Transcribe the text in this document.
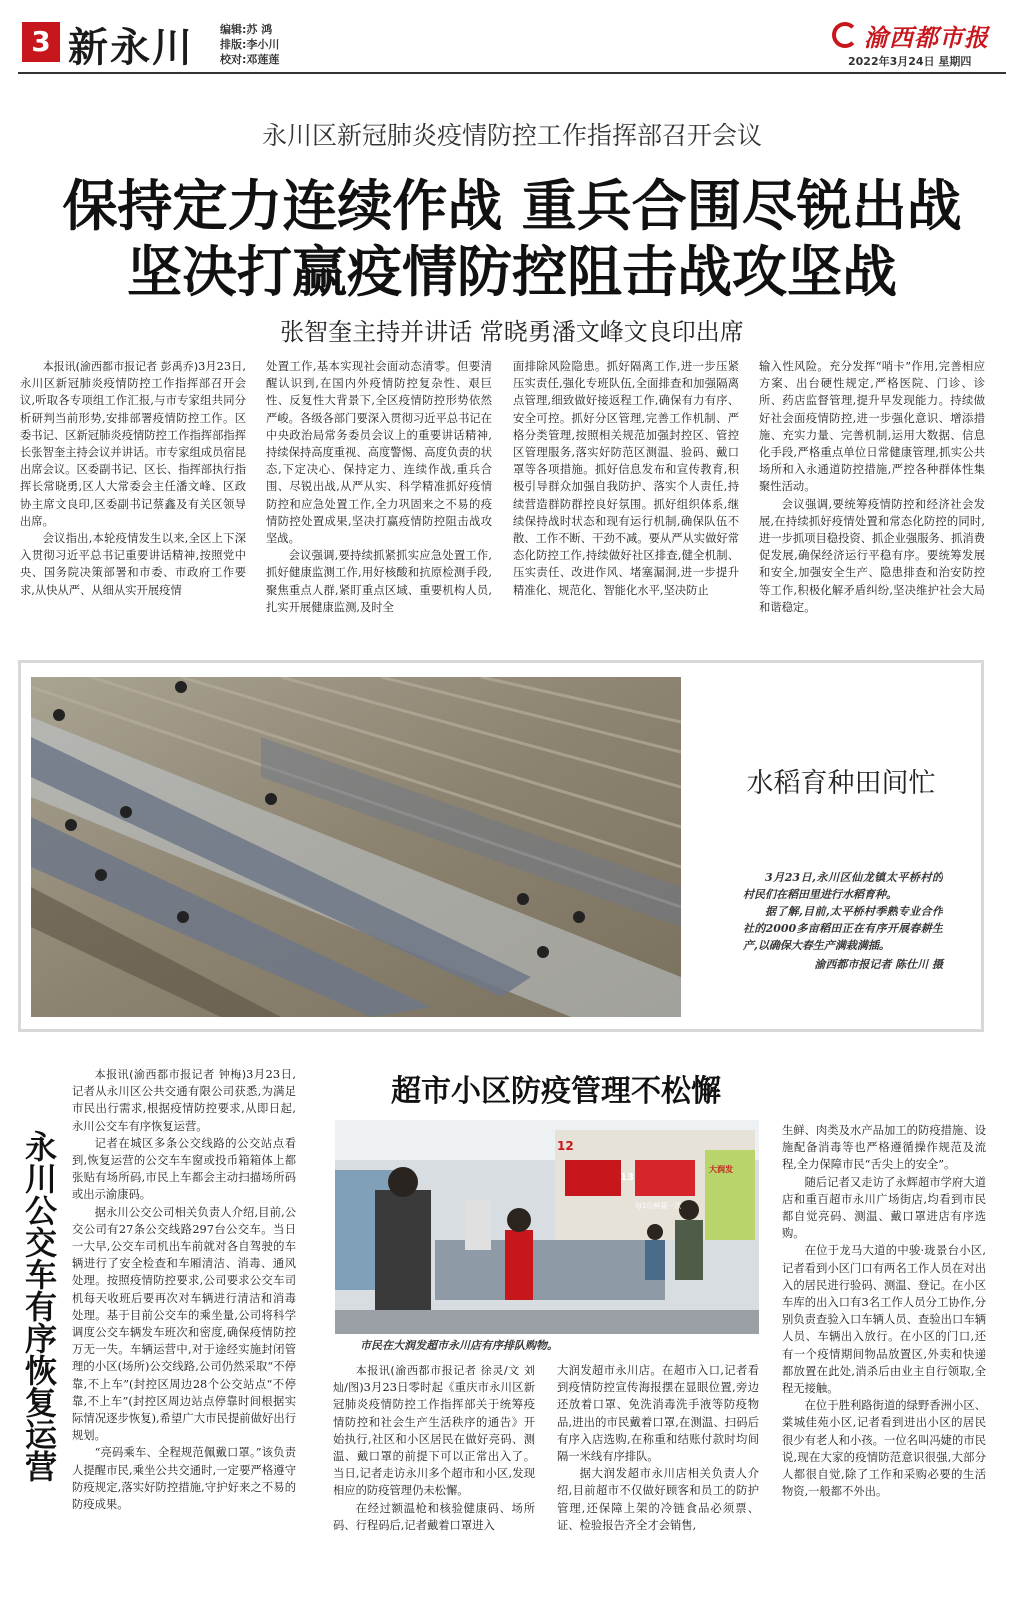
3 新永川 编辑:苏 鸿
排版:李小川
校对:邓莲莲
渝西都市报
2022年3月24日 星期四
永川区新冠肺炎疫情防控工作指挥部召开会议
保持定力连续作战 重兵合围尽锐出战
坚决打赢疫情防控阻击战攻坚战
张智奎主持并讲话 常晓勇潘文峰文良印出席

本报讯(渝西都市报记者 彭禹乔)3月23日,永川区新冠肺炎疫情防控工作指挥部召开会议,听取各专项组工作汇报,与市专家组共同分析研判当前形势,安排部署疫情防控工作。区委书记、区新冠肺炎疫情防控工作指挥部指挥长张智奎主持会议并讲话。市专家组成员宿昆出席会议。区委副书记、区长、指挥部执行指挥长常晓勇,区人大常委会主任潘文峰、区政协主席文良印,区委副书记蔡鑫及有关区领导出席。

会议指出,本轮疫情发生以来,全区上下深入贯彻习近平总书记重要讲话精神,按照党中央、国务院决策部署和市委、市政府工作要求,从快从严、从细从实开展疫情

处置工作,基本实现社会面动态清零。但要清醒认识到,在国内外疫情防控复杂性、艰巨性、反复性大背景下,全区疫情防控形势依然严峻。各级各部门要深入贯彻习近平总书记在中央政治局常务委员会议上的重要讲话精神,持续保持高度重视、高度警惕、高度负责的状态,下定决心、保持定力、连续作战,重兵合围、尽锐出战,从严从实、科学精准抓好疫情防控和应急处置工作,全力巩固来之不易的疫情防控处置成果,坚决打赢疫情防控阻击战攻坚战。

会议强调,要持续抓紧抓实应急处置工作,抓好健康监测工作,用好核酸和抗原检测手段,聚焦重点人群,紧盯重点区域、重要机构人员,扎实开展健康监测,及时全

面排除风险隐患。抓好隔离工作,进一步压紧压实责任,强化专班队伍,全面排查和加强隔离点管理,细致做好接返程工作,确保有力有序、安全可控。抓好分区管理,完善工作机制、严格分类管理,按照相关规范加强封控区、管控区管理服务,落实好防范区测温、验码、戴口罩等各项措施。抓好信息发布和宣传教育,积极引导群众加强自我防护、落实个人责任,持续营造群防群控良好氛围。抓好组织体系,继续保持战时状态和现有运行机制,确保队伍不散、工作不断、干劲不减。要从严从实做好常态化防控工作,持续做好社区排查,健全机制、压实责任、改进作风、堵塞漏洞,进一步提升精准化、规范化、智能化水平,坚决防止

输入性风险。充分发挥“哨卡”作用,完善相应方案、出台硬性规定,严格医院、门诊、诊所、药店监督管理,提升早发现能力。持续做好社会面疫情防控,进一步强化意识、增添措施、充实力量、完善机制,运用大数据、信息化手段,严格重点单位日常健康管理,抓实公共场所和入永通道防控措施,严控各种群体性集聚性活动。

会议强调,要统筹疫情防控和经济社会发展,在持续抓好疫情处置和常态化防控的同时,进一步抓项目稳投资、抓企业强服务、抓消费促发展,确保经济运行平稳有序。要统筹发展和安全,加强安全生产、隐患排查和治安防控等工作,积极化解矛盾纠纷,坚决维护社会大局和谐稳定。

水稻育种田间忙

3月23日,永川区仙龙镇太平桥村的村民们在稻田里进行水稻育种。

据了解,目前,太平桥村季熟专业合作社的2000多亩稻田正在有序开展春耕生产,以确保大春生产满栽满插。

渝西都市报记者 陈仕川 摄
永川公交车有序恢复运营

本报讯(渝西都市报记者 钟梅)3月23日,记者从永川区公共交通有限公司获悉,为满足市民出行需求,根据疫情防控要求,从即日起,永川公交车有序恢复运营。

记者在城区多条公交线路的公交站点看到,恢复运营的公交车车窗或投币箱箱体上都张贴有场所码,市民上车都会主动扫描场所码或出示渝康码。

据永川公交公司相关负责人介绍,目前,公交公司有27条公交线路297台公交车。当日一大早,公交车司机出车前就对各自驾驶的车辆进行了安全检查和车厢清洁、消毒、通风处理。按照疫情防控要求,公司要求公交车司机每天收班后要再次对车辆进行清洁和消毒处理。基于目前公交车的乘坐量,公司将科学调度公交车辆发车班次和密度,确保疫情防控万无一失。车辆运营中,对于途经实施封闭管理的小区(场所)公交线路,公司仍然采取“不停靠,不上车”(封控区周边28个公交站点“不停靠,不上车”(封控区周边站点停靠时间根据实际情况逐步恢复),希望广大市民提前做好出行规划。

“亮码乘车、全程规范佩戴口罩。”该负责人提醒市民,乘坐公共交通时,一定要严格遵守防疫规定,落实好防控措施,守护好来之不易的防疫成果。

超市小区防疫管理不松懈
12
13
大润发
每1份鲜蔬一次
市民在大润发超市永川店有序排队购物。

本报讯(渝西都市报记者 徐灵/文 刘灿/图)3月23日零时起《重庆市永川区新冠肺炎疫情防控工作指挥部关于统筹疫情防控和社会生产生活秩序的通告》开始执行,社区和小区居民在做好亮码、测温、戴口罩的前提下可以正常出入了。当日,记者走访永川多个超市和小区,发现相应的防疫管理仍未松懈。

在经过额温枪和核验健康码、场所码、行程码后,记者戴着口罩进入

大润发超市永川店。在超市入口,记者看到疫情防控宣传海报摆在显眼位置,旁边还放着口罩、免洗消毒洗手液等防疫物品,进出的市民戴着口罩,在测温、扫码后有序入店选购,在称重和结账付款时均间隔一米线有序排队。

据大润发超市永川店相关负责人介绍,目前超市不仅做好顾客和员工的防护管理,还保障上架的冷链食品必须票、证、检验报告齐全才会销售,

生鲜、肉类及水产品加工的防疫措施、设施配备消毒等也严格遵循操作规范及流程,全力保障市民“舌尖上的安全”。

随后记者又走访了永辉超市学府大道店和重百超市永川广场街店,均看到市民都自觉亮码、测温、戴口罩进店有序选购。

在位于龙马大道的中骏·珑景台小区,记者看到小区门口有两名工作人员在对出入的居民进行验码、测温、登记。在小区车库的出入口有3名工作人员分工协作,分别负责查验入口车辆人员、查验出口车辆人员、车辆出入放行。在小区的门口,还有一个疫情期间物品放置区,外卖和快递都放置在此处,消杀后由业主自行领取,全程无接触。

在位于胜利路街道的绿野香洲小区、棠城佳苑小区,记者看到进出小区的居民很少有老人和小孩。一位名叫冯婕的市民说,现在大家的疫情防范意识很强,大部分人都很自觉,除了工作和采购必要的生活物资,一般都不外出。
